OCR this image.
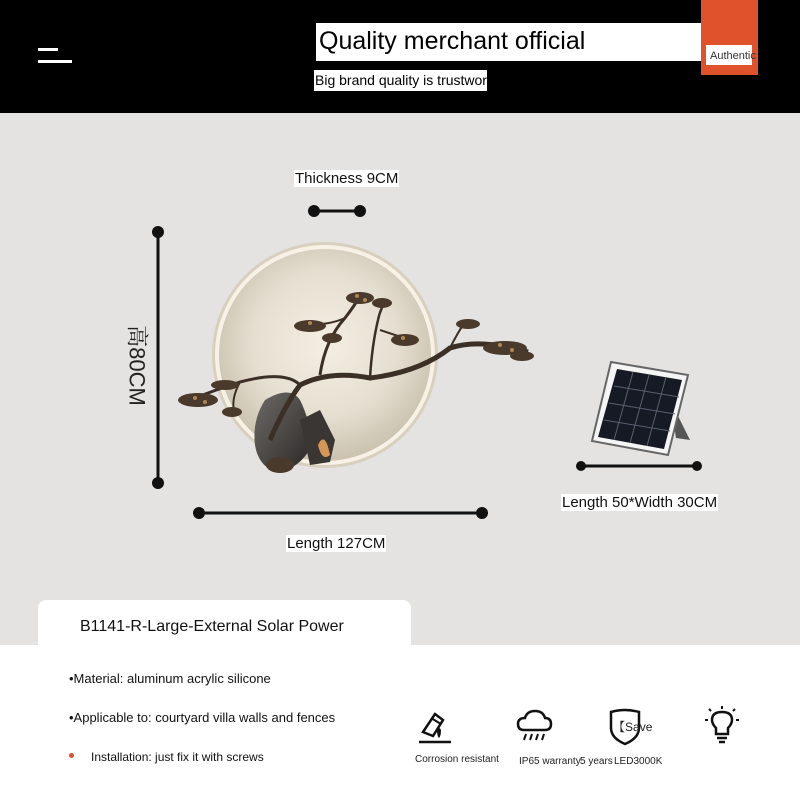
Quality merchant official
Big brand quality is trustwor
Authentic
Thickness 9CM
高80CM
Length 127CM
Length 50*Width 30CM
B1141-R-Large-External Solar Power
•Material: aluminum acrylic silicone
•Applicable to: courtyard villa walls and fences
Installation: just fix it with screws	Corrosion resistant IP65 warranty
【Save
5 years LED3000K
